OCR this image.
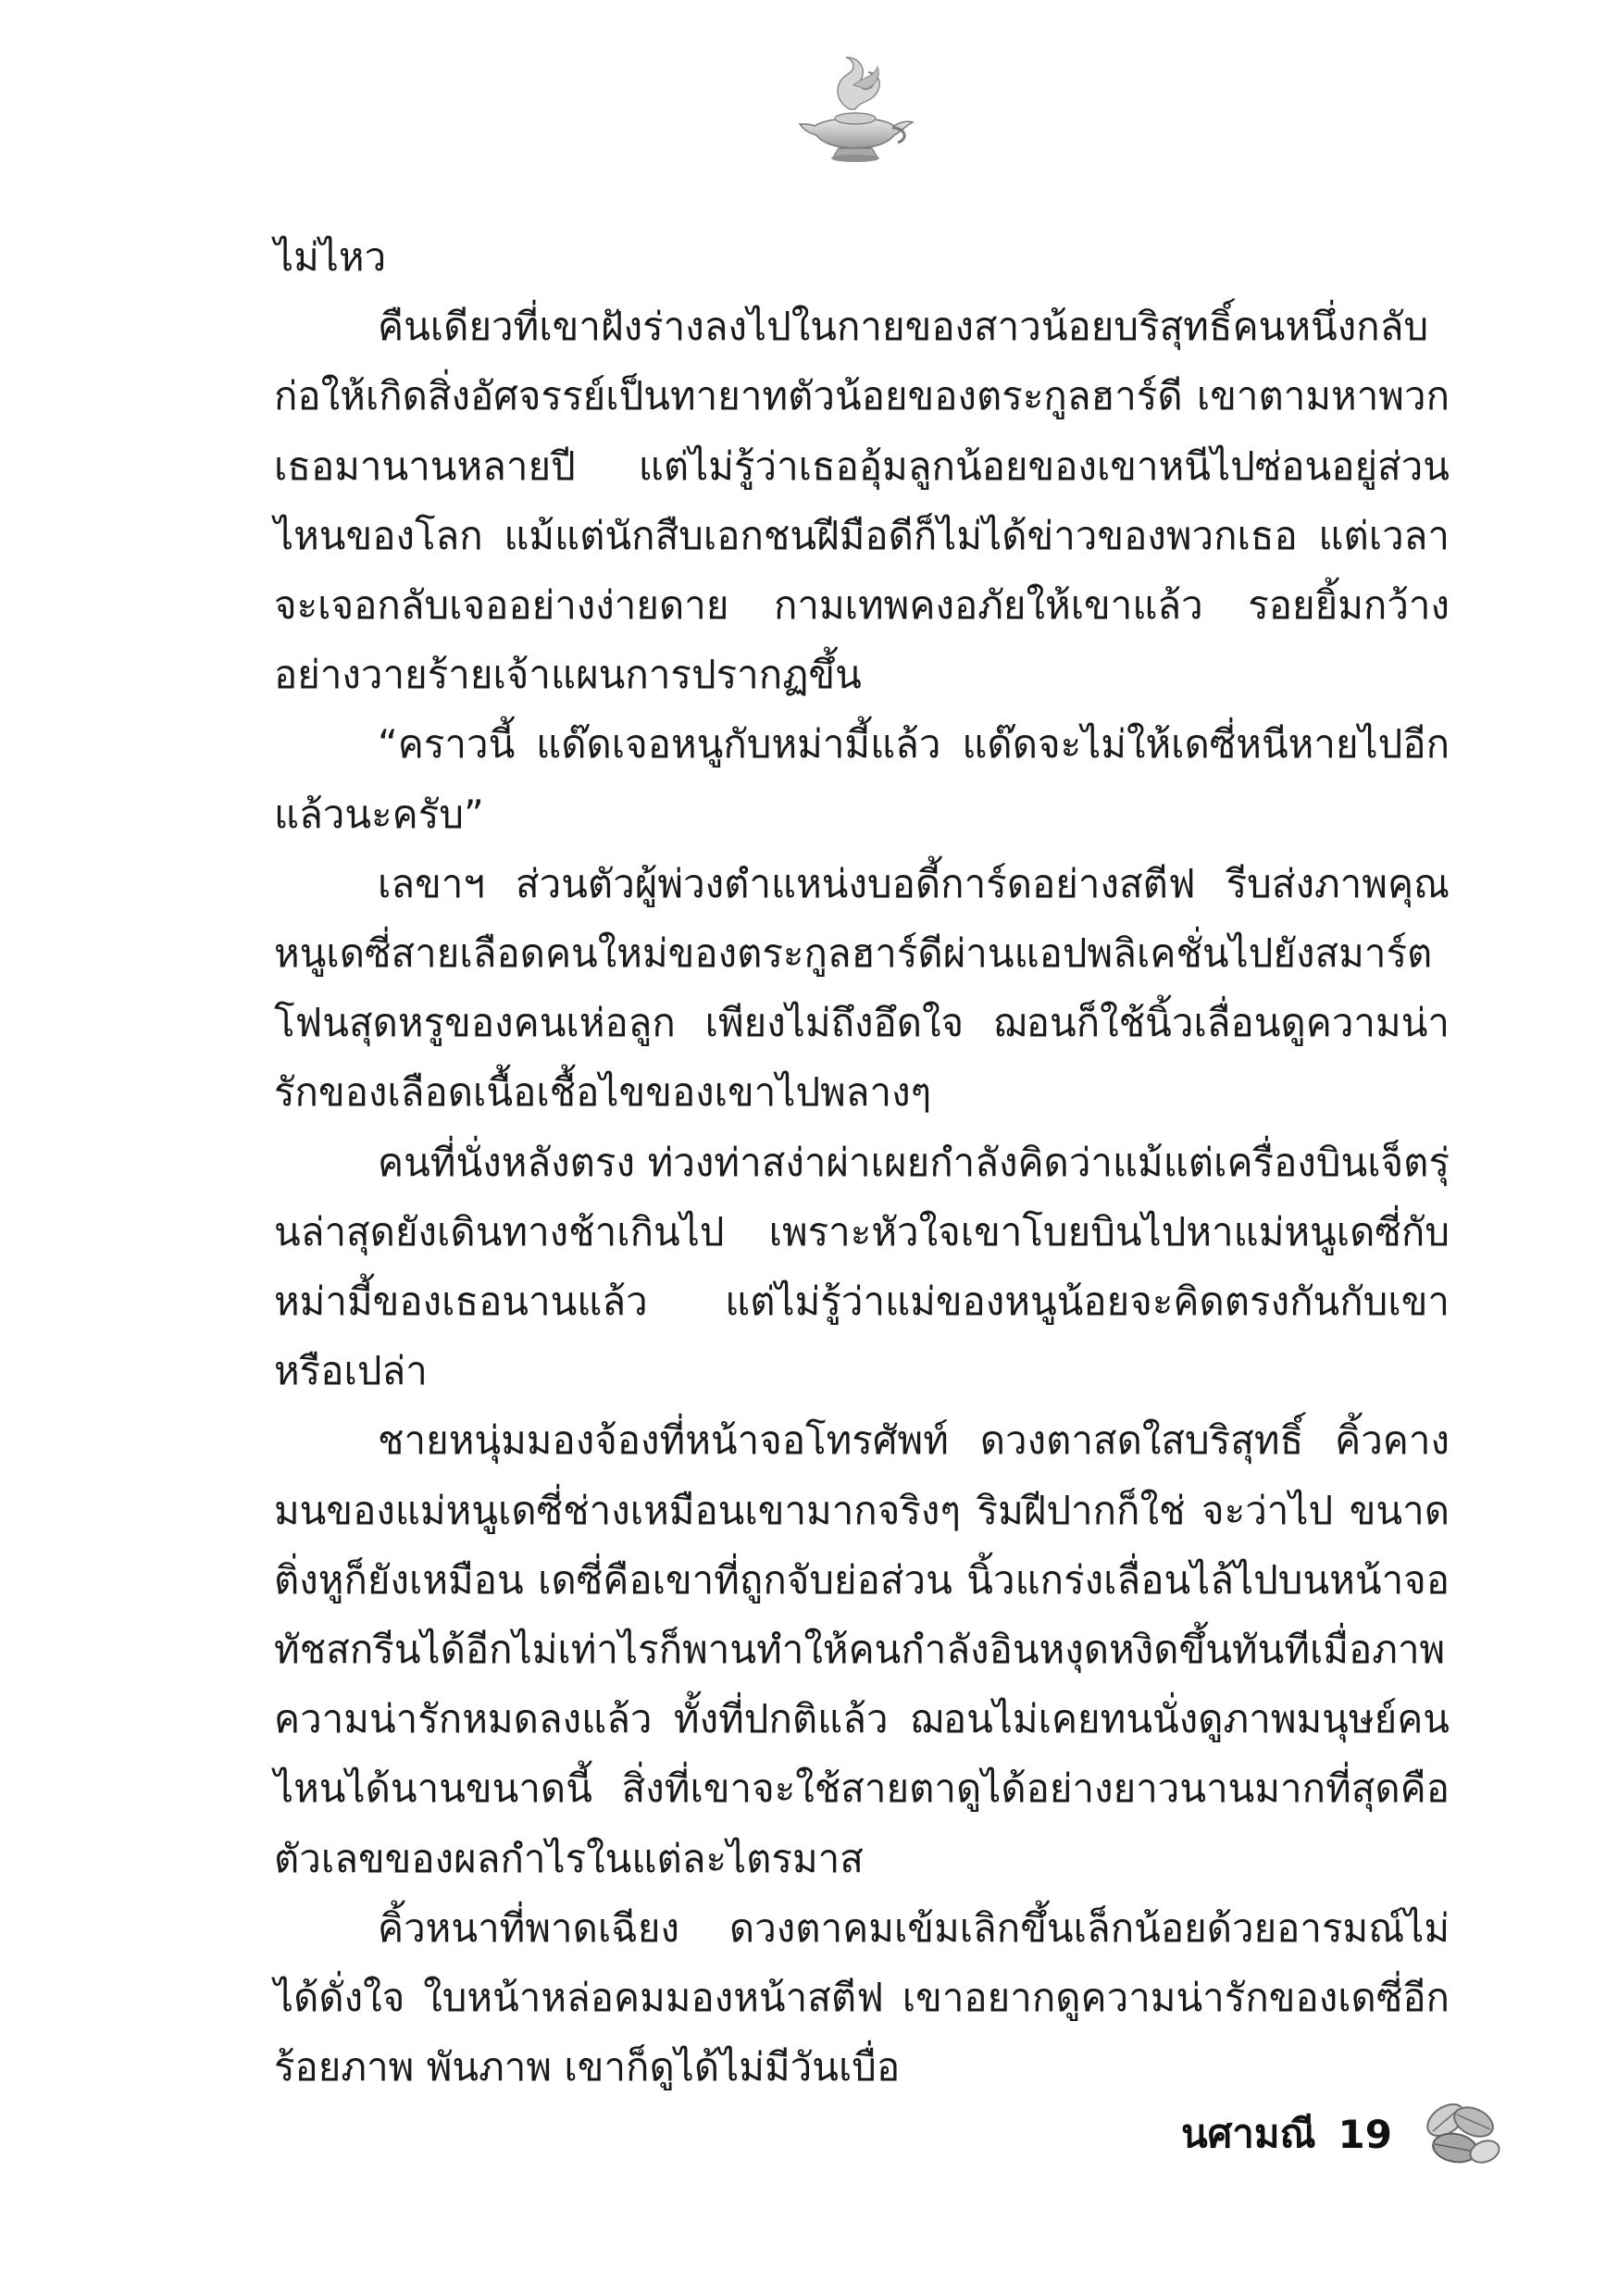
ไม่ไหว

คืนเดียวที่เขาฝังร่างลงไปในกายของสาวน้อยบริสุทธิ์คนหนึ่งกลับก่อให้เกิดสิ่งอัศจรรย์เป็นทายาทตัวน้อยของตระกูลฮาร์ดี เขาตามหาพวกเธอมานานหลายปี แต่ไม่รู้ว่าเธออุ้มลูกน้อยของเขาหนีไปซ่อนอยู่ส่วนไหนของโลก แม้แต่นักสืบเอกชนฝีมือดีก็ไม่ได้ข่าวของพวกเธอ แต่เวลาจะเจอกลับเจออย่างง่ายดาย กามเทพคงอภัยให้เขาแล้ว รอยยิ้มกว้างอย่างวายร้ายเจ้าแผนการปรากฏขึ้น

“คราวนี้ แด๊ดเจอหนูกับหม่ามี้แล้ว แด๊ดจะไม่ให้เดซี่หนีหายไปอีกแล้วนะครับ”

เลขาฯ ส่วนตัวผู้พ่วงตำแหน่งบอดี้การ์ดอย่างสตีฟ รีบส่งภาพคุณหนูเดซี่สายเลือดคนใหม่ของตระกูลฮาร์ดีผ่านแอปพลิเคชั่นไปยังสมาร์ตโฟนสุดหรูของคนเห่อลูก เพียงไม่ถึงอึดใจ ฌอนก็ใช้นิ้วเลื่อนดูความน่ารักของเลือดเนื้อเชื้อไขของเขาไปพลางๆ

คนที่นั่งหลังตรง ท่วงท่าสง่าผ่าเผยกำลังคิดว่าแม้แต่เครื่องบินเจ็ตรุ่นล่าสุดยังเดินทางช้าเกินไป เพราะหัวใจเขาโบยบินไปหาแม่หนูเดซี่กับหม่ามี้ของเธอนานแล้ว แต่ไม่รู้ว่าแม่ของหนูน้อยจะคิดตรงกันกับเขาหรือเปล่า

ชายหนุ่มมองจ้องที่หน้าจอโทรศัพท์ ดวงตาสดใสบริสุทธิ์ คิ้วคางมนของแม่หนูเดซี่ช่างเหมือนเขามากจริงๆ ริมฝีปากก็ใช่ จะว่าไป ขนาดติ่งหูก็ยังเหมือน เดซี่คือเขาที่ถูกจับย่อส่วน นิ้วแกร่งเลื่อนไล้ไปบนหน้าจอทัชสกรีนได้อีกไม่เท่าไรก็พานทำให้คนกำลังอินหงุดหงิดขึ้นทันทีเมื่อภาพความน่ารักหมดลงแล้ว ทั้งที่ปกติแล้ว ฌอนไม่เคยทนนั่งดูภาพมนุษย์คนไหนได้นานขนาดนี้ สิ่งที่เขาจะใช้สายตาดูได้อย่างยาวนานมากที่สุดคือตัวเลขของผลกำไรในแต่ละไตรมาส

คิ้วหนาที่พาดเฉียง ดวงตาคมเข้มเลิกขึ้นเล็กน้อยด้วยอารมณ์ไม่ได้ดั่งใจ ใบหน้าหล่อคมมองหน้าสตีฟ เขาอยากดูความน่ารักของเดซี่อีกร้อยภาพ พันภาพ เขาก็ดูได้ไม่มีวันเบื่อ

นศามณี 19
